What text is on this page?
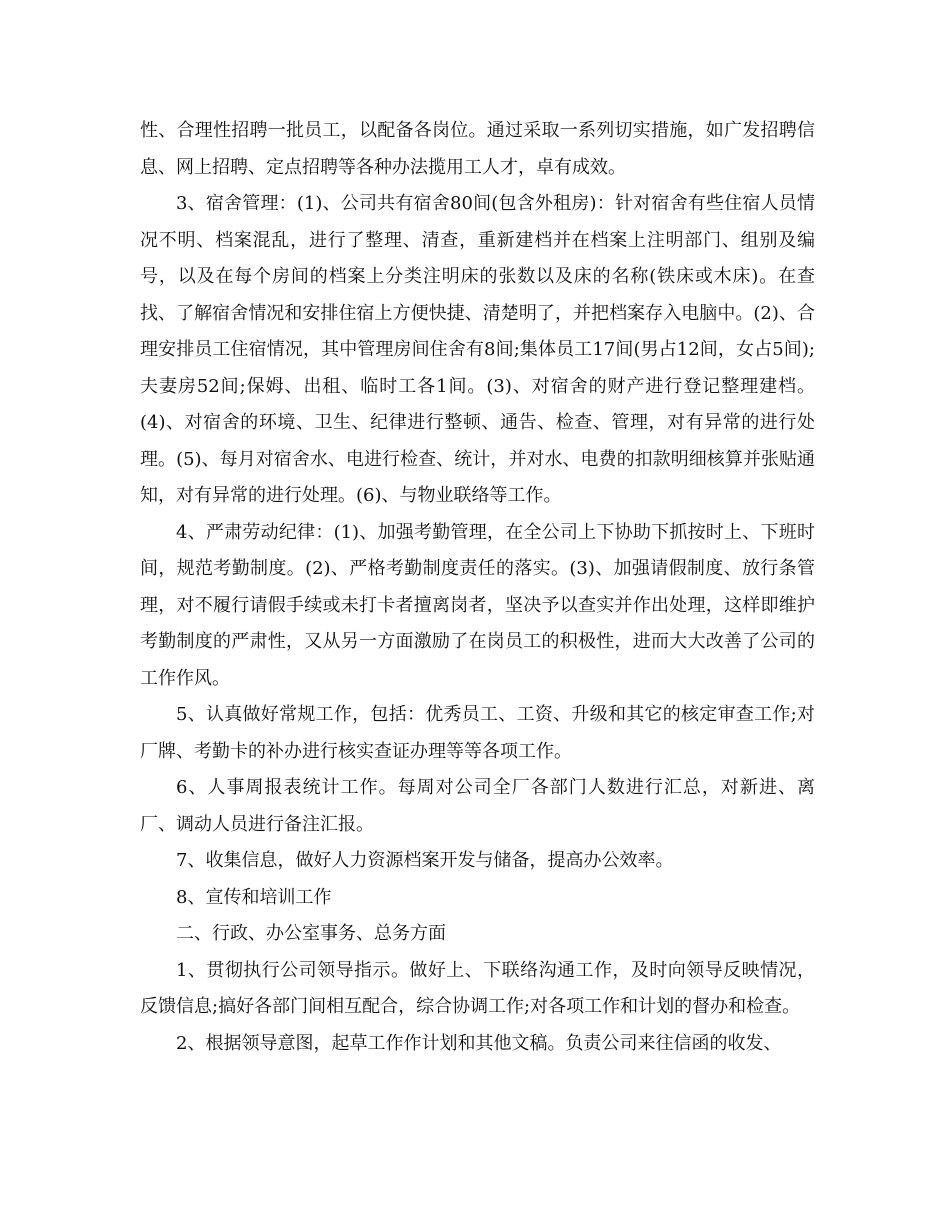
性、合理性招聘一批员工，以配备各岗位。通过采取一系列切实措施，如广发招聘信息、网上招聘、定点招聘等各种办法揽用工人才，卓有成效。

3、宿舍管理：(1)、公司共有宿舍80间(包含外租房)：针对宿舍有些住宿人员情况不明、档案混乱，进行了整理、清查，重新建档并在档案上注明部门、组别及编号，以及在每个房间的档案上分类注明床的张数以及床的名称(铁床或木床)。在查找、了解宿舍情况和安排住宿上方便快捷、清楚明了，并把档案存入电脑中。(2)、合理安排员工住宿情况，其中管理房间住舍有8间;集体员工17间(男占12间，女占5间);夫妻房52间;保姆、出租、临时工各1间。(3)、对宿舍的财产进行登记整理建档。(4)、对宿舍的环境、卫生、纪律进行整顿、通告、检查、管理，对有异常的进行处理。(5)、每月对宿舍水、电进行检查、统计，并对水、电费的扣款明细核算并张贴通知，对有异常的进行处理。(6)、与物业联络等工作。

4、严肃劳动纪律：(1)、加强考勤管理，在全公司上下协助下抓按时上、下班时间，规范考勤制度。(2)、严格考勤制度责任的落实。(3)、加强请假制度、放行条管理，对不履行请假手续或未打卡者擅离岗者，坚决予以查实并作出处理，这样即维护考勤制度的严肃性，又从另一方面激励了在岗员工的积极性，进而大大改善了公司的工作作风。

5、认真做好常规工作，包括：优秀员工、工资、升级和其它的核定审查工作;对厂牌、考勤卡的补办进行核实查证办理等等各项工作。

6、人事周报表统计工作。每周对公司全厂各部门人数进行汇总，对新进、离厂、调动人员进行备注汇报。

7、收集信息，做好人力资源档案开发与储备，提高办公效率。

8、宣传和培训工作

二、行政、办公室事务、总务方面

1、贯彻执行公司领导指示。做好上、下联络沟通工作，及时向领导反映情况，反馈信息;搞好各部门间相互配合，综合协调工作;对各项工作和计划的督办和检查。

2、根据领导意图，起草工作作计划和其他文稿。负责公司来往信函的收发、
